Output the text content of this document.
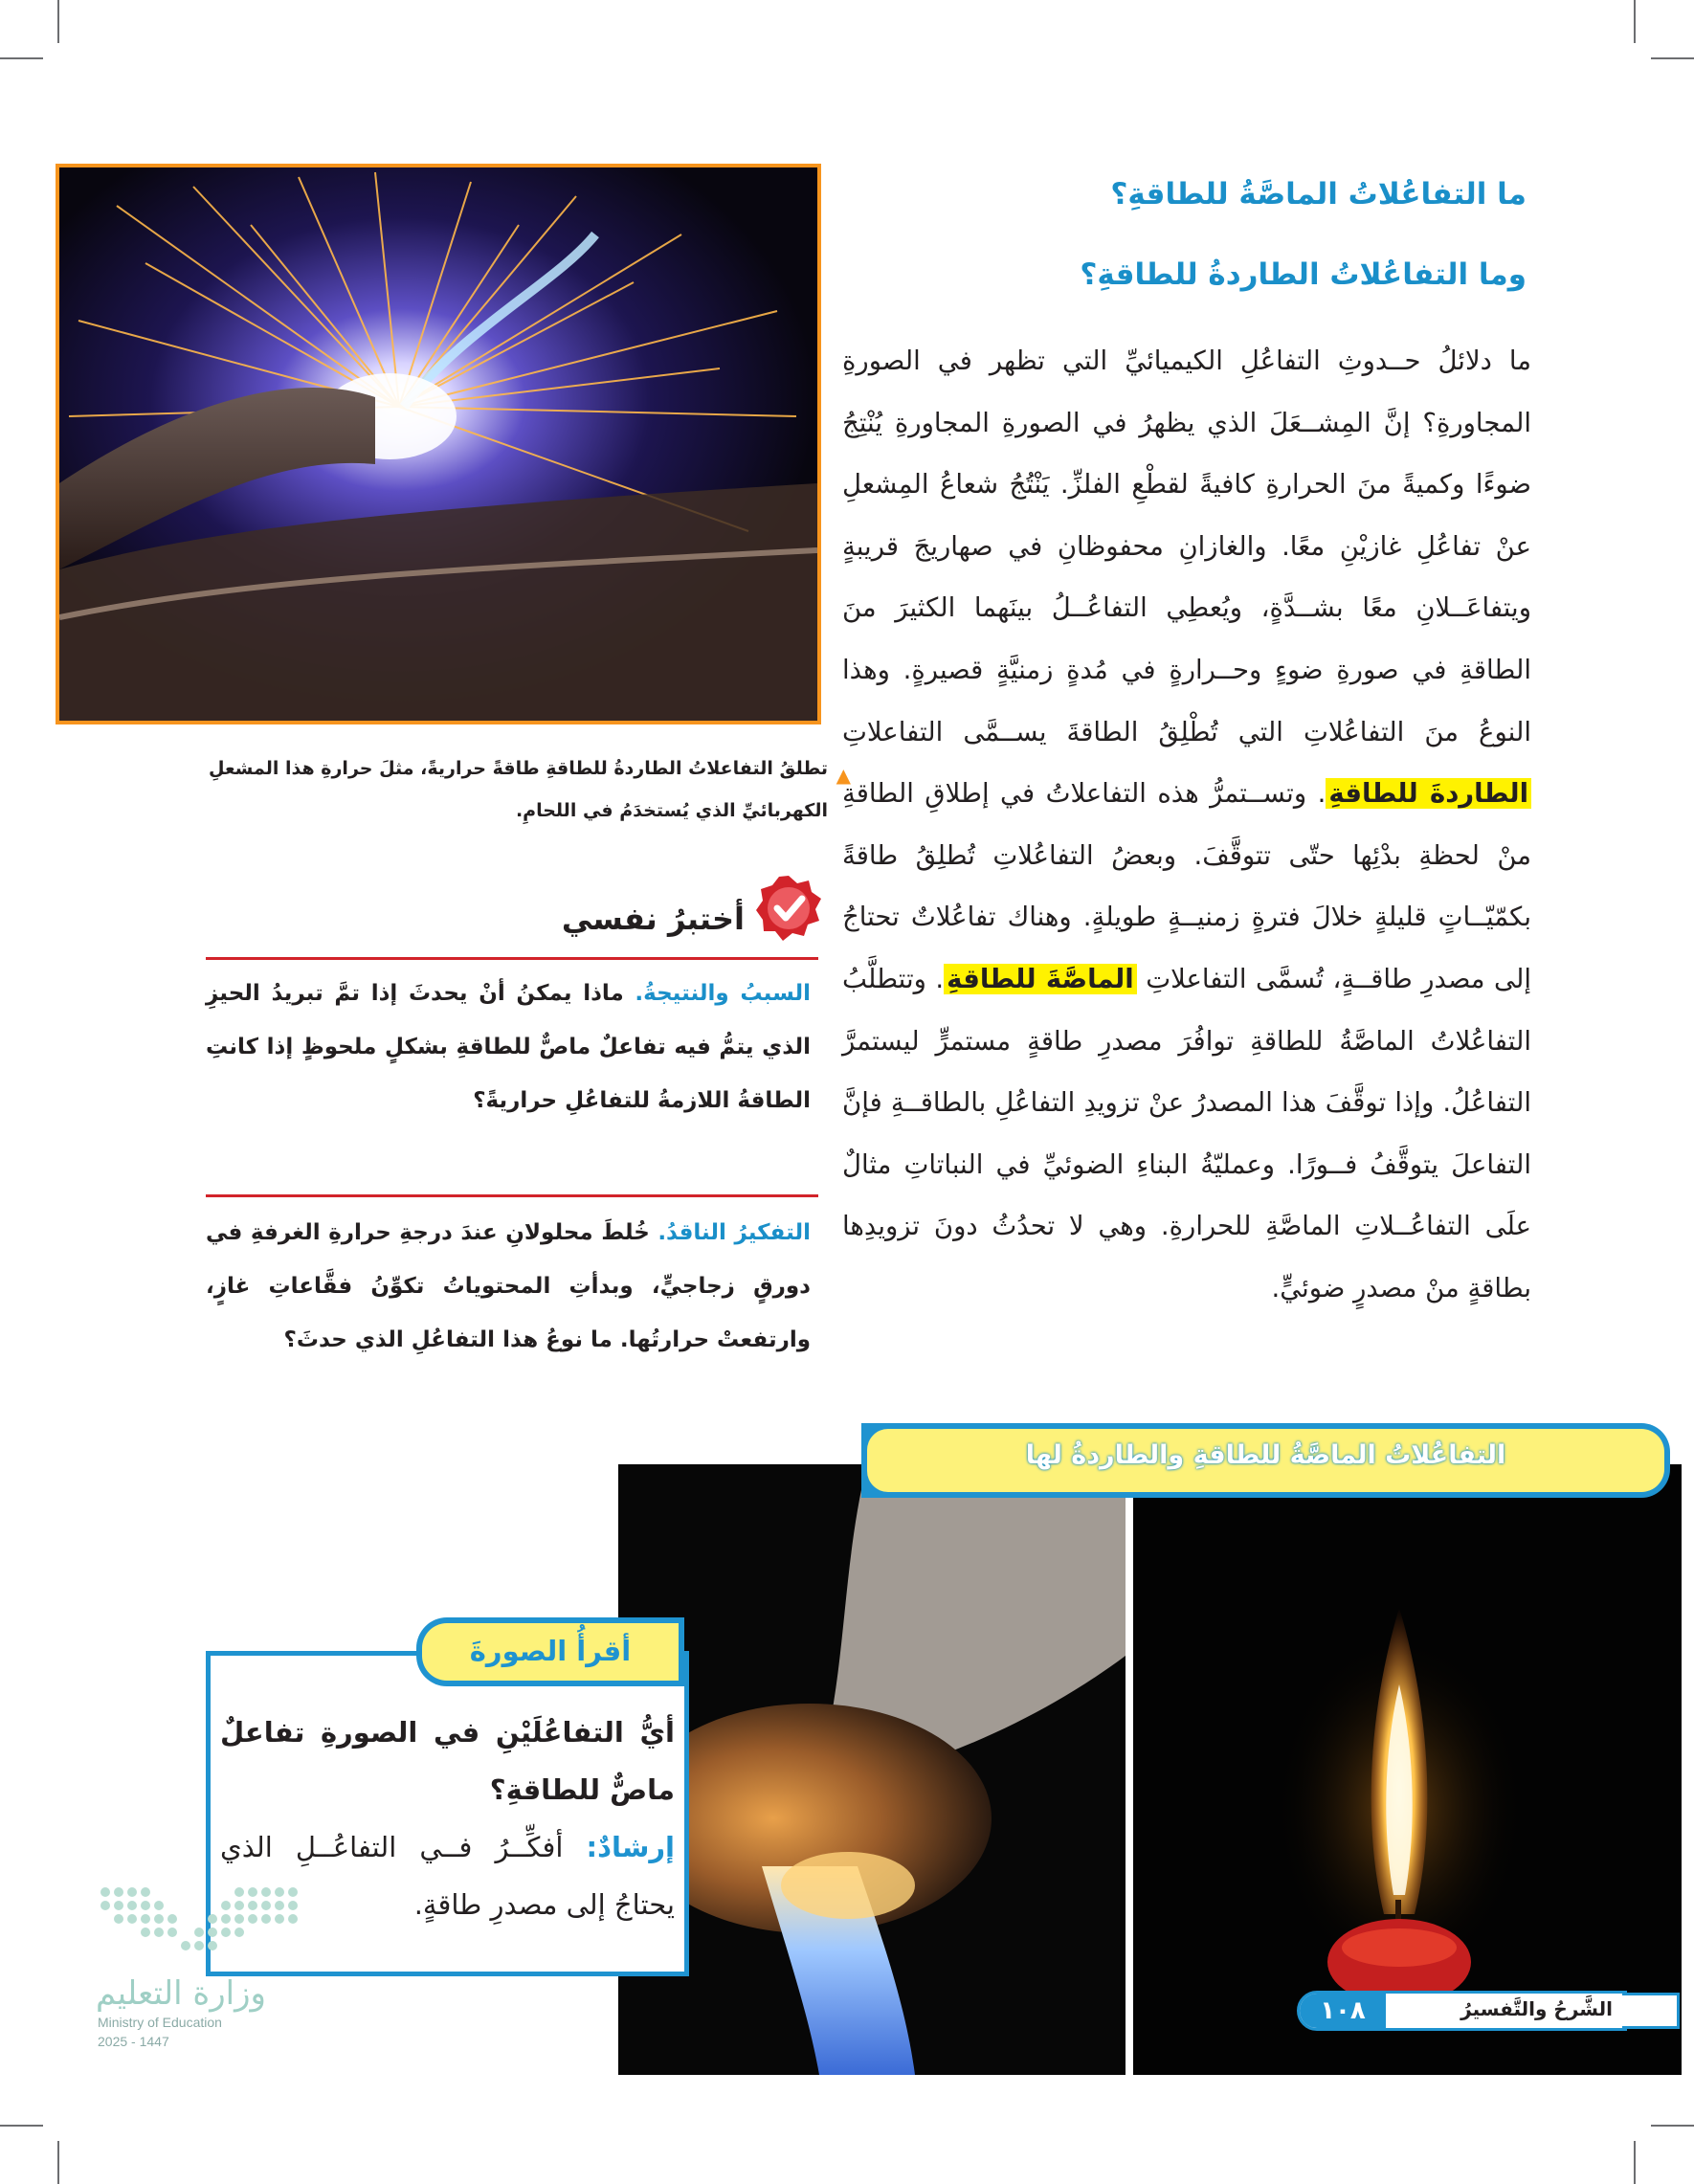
ما التفاعُلاتُ الماصَّةُ للطاقةِ؟
وما التفاعُلاتُ الطاردةُ للطاقةِ؟
ما دلائلُ حــدوثِ التفاعُلِ الكيميائيِّ التي تظهر في الصورةِ المجاورةِ؟ إنَّ المِشــعَلَ الذي يظهرُ في الصورةِ المجاورةِ يُنْتِجُ ضوءًا وكميةً منَ الحرارةِ كافيةً لقطْعِ الفلزِّ. يَنْتُجُ شعاعُ المِشعلِ عنْ تفاعُلِ غازيْنِ معًا. والغازانِ محفوظانِ في صهاريجَ قريبةٍ ويتفاعَــلانِ معًا بشــدَّةٍ، ويُعطِي التفاعُــلُ بينَهما الكثيرَ منَ الطاقةِ في صورةِ ضوءٍ وحــرارةٍ في مُدةٍ زمنيَّةٍ قصيرةٍ. وهذا النوعُ منَ التفاعُلاتِ التي تُطْلِقُ الطاقةَ يســمَّى التفاعلاتِ الطاردةَ للطاقةِ. وتســتمرُّ هذه التفاعلاتُ في إطلاقِ الطاقةِ منْ لحظةِ بدْئِها حتّى تتوقَّفَ. وبعضُ التفاعُلاتِ تُطلِقُ طاقةً بكمّيّــاتٍ قليلةٍ خلالَ فترةٍ زمنيــةٍ طويلةٍ. وهناك تفاعُلاتٌ تحتاجُ إلى مصدرِ طاقــةٍ، تُسمَّى التفاعلاتِ الماصَّةَ للطاقةِ. وتتطلَّبُ التفاعُلاتُ الماصَّةُ للطاقةِ توافُرَ مصدرِ طاقةٍ مستمرٍّ ليستمرَّ التفاعُلُ. وإذا توقَّفَ هذا المصدرُ عنْ تزويدِ التفاعُلِ بالطاقــةِ فإنَّ التفاعلَ يتوقَّفُ فــورًا. وعمليّةُ البناءِ الضوئيِّ في النباتاتِ مثالٌ علَى التفاعُــلاتِ الماصَّةِ للحرارةِ. وهي لا تحدُثُ دونَ تزويدِها بطاقةٍ منْ مصدرٍ ضوئيٍّ.
▲
تطلقُ التفاعلاتُ الطاردةُ للطاقةِ طاقةً حراريةً، مثلَ حرارةِ هذا المشعلِ الكهربائيِّ الذي يُستخدَمُ في اللحامِ.
أختبرُ نفسي
السببُ والنتيجةُ. ماذا يمكنُ أنْ يحدثَ إذا تمَّ تبريدُ الحيزِ الذي يتمُّ فيه تفاعلٌ ماصٌّ للطاقةِ بشكلٍ ملحوظٍ إذا كانتِ الطاقةُ اللازمةُ للتفاعُلِ حراريةً؟
التفكيرُ الناقدُ. خُلطَ محلولانِ عندَ درجةِ حرارةِ الغرفةِ في دورقٍ زجاجيٍّ، وبدأتِ المحتوياتُ تكوِّنُ فقَّاعاتِ غازٍ، وارتفعتْ حرارتُها. ما نوعُ هذا التفاعُلِ الذي حدثَ؟
التفاعُلاتُ الماصَّةُ للطاقةِ والطاردةُ لها
أقرأُ الصورةَ
أيُّ التفاعُلَيْنِ في الصورةِ تفاعلٌ ماصٌّ للطاقةِ؟
إرشادٌ: أفكِّــرُ فــي التفاعُــلِ الذي يحتاجُ إلى مصدرِ طاقةٍ.
وزارة التعليم
Ministry of Education
2025 - 1447
١٠٨	الشَّرحُ والتَّفسيرُ
